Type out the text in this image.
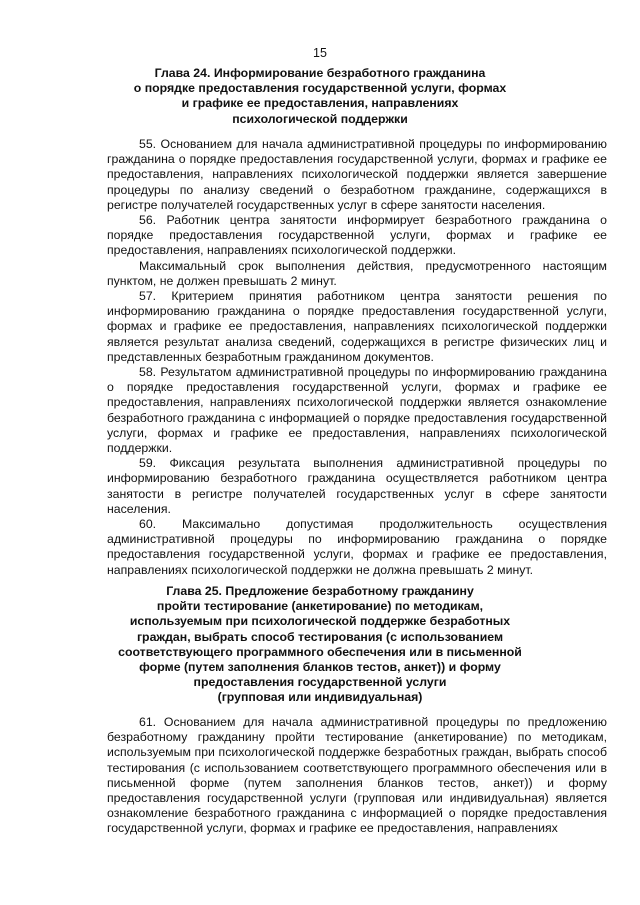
15
Глава 24. Информирование безработного гражданина
о порядке предоставления государственной услуги, формах
и графике ее предоставления, направлениях
психологической поддержки

55. Основанием для начала административной процедуры по информированию гражданина о порядке предоставления государственной услуги, формах и графике ее предоставления, направлениях психологической поддержки является завершение процедуры по анализу сведений о безработном гражданине, содержащихся в регистре получателей государственных услуг в сфере занятости населения.

56. Работник центра занятости информирует безработного гражданина о порядке предоставления государственной услуги, формах и графике ее предоставления, направлениях психологической поддержки.

Максимальный срок выполнения действия, предусмотренного настоящим пунктом, не должен превышать 2 минут.

57. Критерием принятия работником центра занятости решения по информированию гражданина о порядке предоставления государственной услуги, формах и графике ее предоставления, направлениях психологической поддержки является результат анализа сведений, содержащихся в регистре физических лиц и представленных безработным гражданином документов.

58. Результатом административной процедуры по информированию гражданина о порядке предоставления государственной услуги, формах и графике ее предоставления, направлениях психологической поддержки является ознакомление безработного гражданина с информацией о порядке предоставления государственной услуги, формах и графике ее предоставления, направлениях психологической поддержки.

59. Фиксация результата выполнения административной процедуры по информированию безработного гражданина осуществляется работником центра занятости в регистре получателей государственных услуг в сфере занятости населения.

60. Максимально допустимая продолжительность осуществления административной процедуры по информированию гражданина о порядке предоставления государственной услуги, формах и графике ее предоставления, направлениях психологической поддержки не должна превышать 2 минут.

Глава 25. Предложение безработному гражданину
пройти тестирование (анкетирование) по методикам,
используемым при психологической поддержке безработных
граждан, выбрать способ тестирования (с использованием
соответствующего программного обеспечения или в письменной
форме (путем заполнения бланков тестов, анкет)) и форму
предоставления государственной услуги
(групповая или индивидуальная)

61. Основанием для начала административной процедуры по предложению безработному гражданину пройти тестирование (анкетирование) по методикам, используемым при психологической поддержке безработных граждан, выбрать способ тестирования (с использованием соответствующего программного обеспечения или в письменной форме (путем заполнения бланков тестов, анкет)) и форму предоставления государственной услуги (групповая или индивидуальная) является ознакомление безработного гражданина с информацией о порядке предоставления государственной услуги, формах и графике ее предоставления, направлениях
